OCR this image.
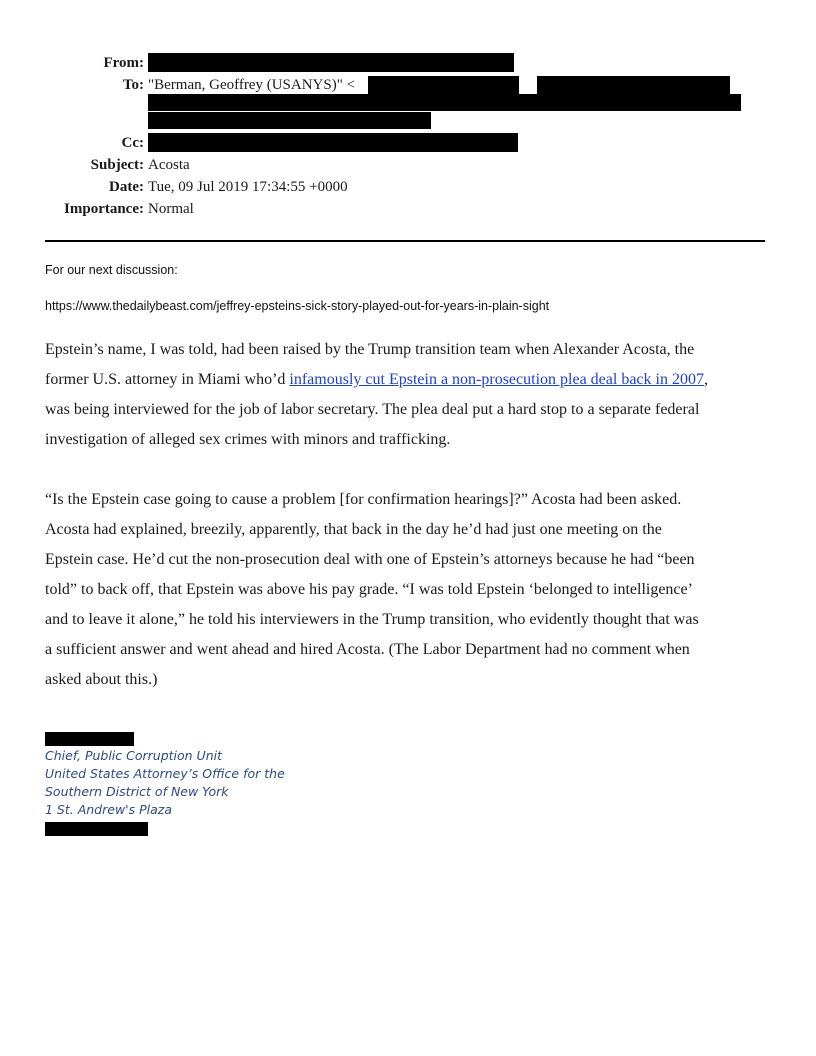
From:
To: "Berman, Geoffrey (USANYS)" <
Cc:
Subject: Acosta
Date: Tue, 09 Jul 2019 17:34:55 +0000
Importance: Normal
For our next discussion:
https://www.thedailybeast.com/jeffrey-epsteins-sick-story-played-out-for-years-in-plain-sight
Epstein’s name, I was told, had been raised by the Trump transition team when Alexander Acosta, the
former U.S. attorney in Miami who’d infamously cut Epstein a non-prosecution plea deal back in 2007,
was being interviewed for the job of labor secretary. The plea deal put a hard stop to a separate federal
investigation of alleged sex crimes with minors and trafficking.
“Is the Epstein case going to cause a problem [for confirmation hearings]?” Acosta had been asked.
Acosta had explained, breezily, apparently, that back in the day he’d had just one meeting on the
Epstein case. He’d cut the non-prosecution deal with one of Epstein’s attorneys because he had “been
told” to back off, that Epstein was above his pay grade. “I was told Epstein ‘belonged to intelligence’
and to leave it alone,” he told his interviewers in the Trump transition, who evidently thought that was
a sufficient answer and went ahead and hired Acosta. (The Labor Department had no comment when
asked about this.)
Chief, Public Corruption Unit
United States Attorney’s Office for the
Southern District of New York
1 St. Andrew's Plaza
